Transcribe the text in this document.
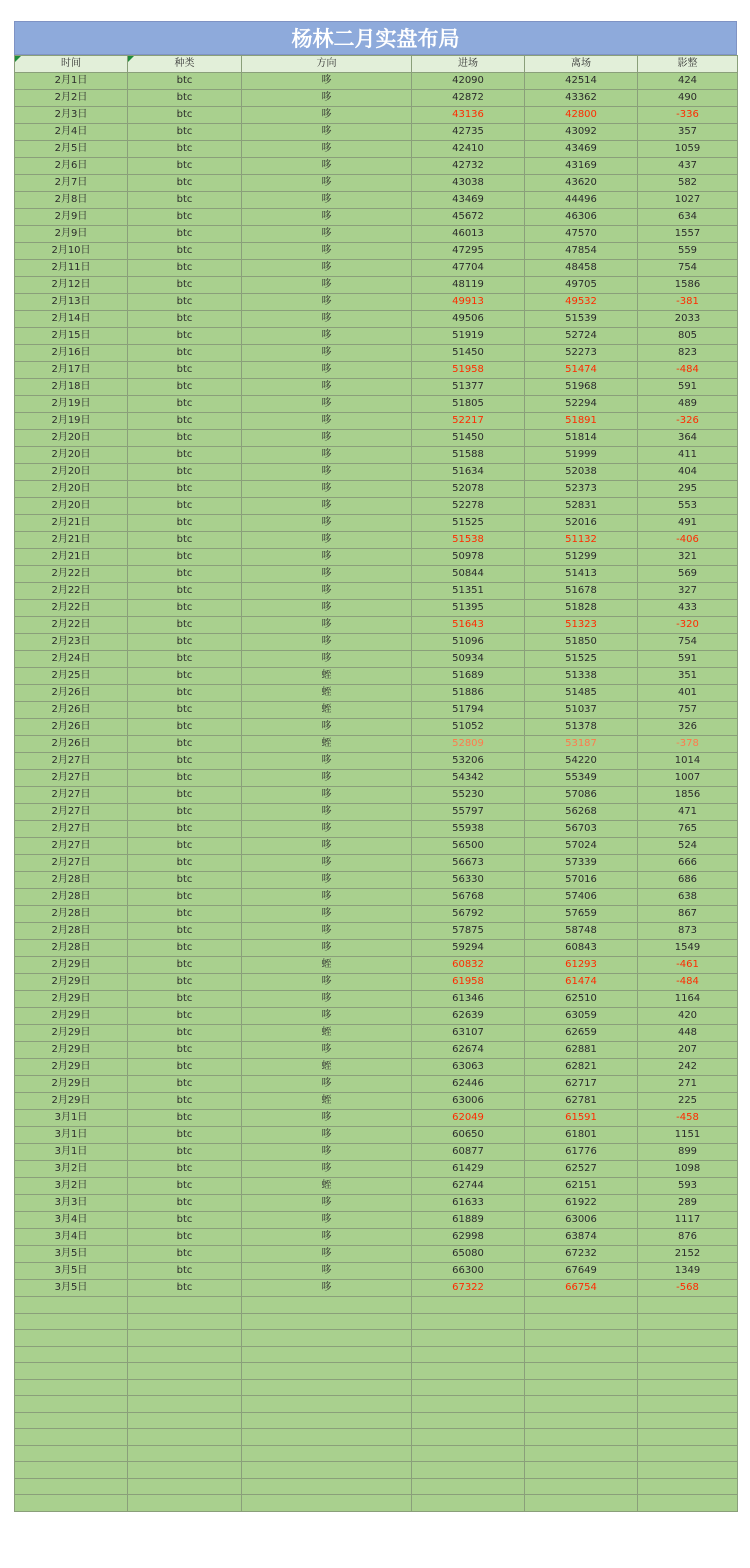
杨林二月实盘布局
时间	种类	方向	进场	离场	影整
2月1日	btc	哆	42090	42514	424
2月2日	btc	哆	42872	43362	490
2月3日	btc	哆	43136	42800	-336
2月4日	btc	哆	42735	43092	357
2月5日	btc	哆	42410	43469	1059
2月6日	btc	哆	42732	43169	437
2月7日	btc	哆	43038	43620	582
2月8日	btc	哆	43469	44496	1027
2月9日	btc	哆	45672	46306	634
2月9日	btc	哆	46013	47570	1557
2月10日	btc	哆	47295	47854	559
2月11日	btc	哆	47704	48458	754
2月12日	btc	哆	48119	49705	1586
2月13日	btc	哆	49913	49532	-381
2月14日	btc	哆	49506	51539	2033
2月15日	btc	哆	51919	52724	805
2月16日	btc	哆	51450	52273	823
2月17日	btc	哆	51958	51474	-484
2月18日	btc	哆	51377	51968	591
2月19日	btc	哆	51805	52294	489
2月19日	btc	哆	52217	51891	-326
2月20日	btc	哆	51450	51814	364
2月20日	btc	哆	51588	51999	411
2月20日	btc	哆	51634	52038	404
2月20日	btc	哆	52078	52373	295
2月20日	btc	哆	52278	52831	553
2月21日	btc	哆	51525	52016	491
2月21日	btc	哆	51538	51132	-406
2月21日	btc	哆	50978	51299	321
2月22日	btc	哆	50844	51413	569
2月22日	btc	哆	51351	51678	327
2月22日	btc	哆	51395	51828	433
2月22日	btc	哆	51643	51323	-320
2月23日	btc	哆	51096	51850	754
2月24日	btc	哆	50934	51525	591
2月25日	btc	蛭	51689	51338	351
2月26日	btc	蛭	51886	51485	401
2月26日	btc	蛭	51794	51037	757
2月26日	btc	哆	51052	51378	326
2月26日	btc	蛭	52809	53187	-378
2月27日	btc	哆	53206	54220	1014
2月27日	btc	哆	54342	55349	1007
2月27日	btc	哆	55230	57086	1856
2月27日	btc	哆	55797	56268	471
2月27日	btc	哆	55938	56703	765
2月27日	btc	哆	56500	57024	524
2月27日	btc	哆	56673	57339	666
2月28日	btc	哆	56330	57016	686
2月28日	btc	哆	56768	57406	638
2月28日	btc	哆	56792	57659	867
2月28日	btc	哆	57875	58748	873
2月28日	btc	哆	59294	60843	1549
2月29日	btc	蛭	60832	61293	-461
2月29日	btc	哆	61958	61474	-484
2月29日	btc	哆	61346	62510	1164
2月29日	btc	哆	62639	63059	420
2月29日	btc	蛭	63107	62659	448
2月29日	btc	哆	62674	62881	207
2月29日	btc	蛭	63063	62821	242
2月29日	btc	哆	62446	62717	271
2月29日	btc	蛭	63006	62781	225
3月1日	btc	哆	62049	61591	-458
3月1日	btc	哆	60650	61801	1151
3月1日	btc	哆	60877	61776	899
3月2日	btc	哆	61429	62527	1098
3月2日	btc	蛭	62744	62151	593
3月3日	btc	哆	61633	61922	289
3月4日	btc	哆	61889	63006	1117
3月4日	btc	哆	62998	63874	876
3月5日	btc	哆	65080	67232	2152
3月5日	btc	哆	66300	67649	1349
3月5日	btc	哆	67322	66754	-568
